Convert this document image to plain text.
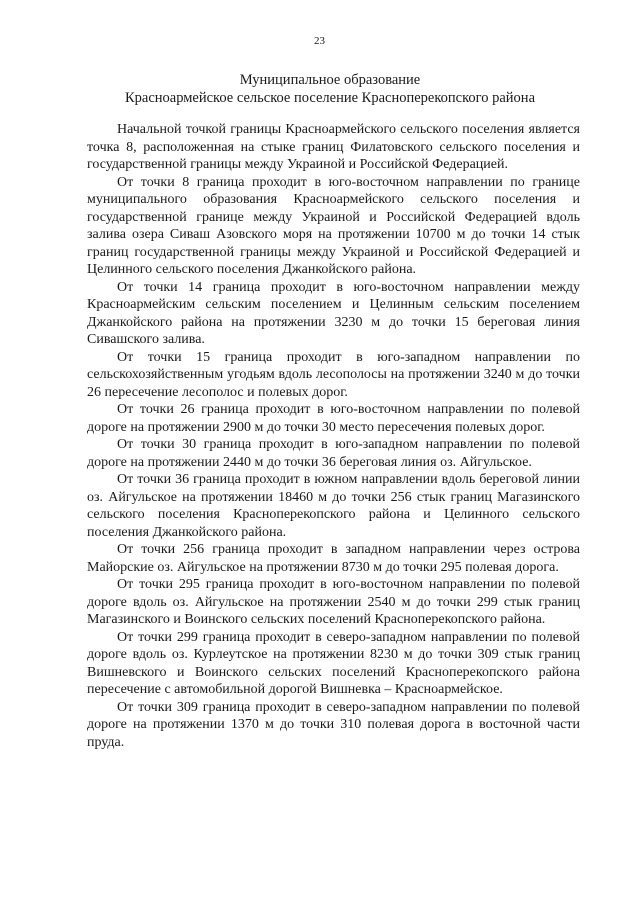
23
Муниципальное образование
Красноармейское сельское поселение Красноперекопского района

Начальной точкой границы Красноармейского сельского поселения является точка 8, расположенная на стыке границ Филатовского сельского поселения и государственной границы между Украиной и Российской Федерацией.

От точки 8 граница проходит в юго-восточном направлении по границе муниципального образования Красноармейского сельского поселения и государственной границе между Украиной и Российской Федерацией вдоль залива озера Сиваш Азовского моря на протяжении 10700 м до точки 14 стык границ государственной границы между Украиной и Российской Федерацией и Целинного сельского поселения Джанкойского района.

От точки 14 граница проходит в юго-восточном направлении между Красноармейским сельским поселением и Целинным сельским поселением Джанкойского района на протяжении 3230 м до точки 15 береговая линия Сивашского залива.

От точки 15 граница проходит в юго-западном направлении по сельскохозяйственным угодьям вдоль лесополосы на протяжении 3240 м до точки 26 пересечение лесополос и полевых дорог.

От точки 26 граница проходит в юго-восточном направлении по полевой дороге на протяжении 2900 м до точки 30 место пересечения полевых дорог.

От точки 30 граница проходит в юго-западном направлении по полевой дороге на протяжении 2440 м до точки 36 береговая линия оз. Айгульское.

От точки 36 граница проходит в южном направлении вдоль береговой линии оз. Айгульское на протяжении 18460 м до точки 256 стык границ Магазинского сельского поселения Красноперекопского района и Целинного сельского поселения Джанкойского района.

От точки 256 граница проходит в западном направлении через острова Майорские оз. Айгульское на протяжении 8730 м до точки 295 полевая дорога.

От точки 295 граница проходит в юго-восточном направлении по полевой дороге вдоль оз. Айгульское на протяжении 2540 м до точки 299 стык границ Магазинского и Воинского сельских поселений Красноперекопского района.

От точки 299 граница проходит в северо-западном направлении по полевой дороге вдоль оз. Курлеутское на протяжении 8230 м до точки 309 стык границ Вишневского и Воинского сельских поселений Красноперекопского района пересечение с автомобильной дорогой Вишневка – Красноармейское.

От точки 309 граница проходит в северо-западном направлении по полевой дороге на протяжении 1370 м до точки 310 полевая дорога в восточной части пруда.
